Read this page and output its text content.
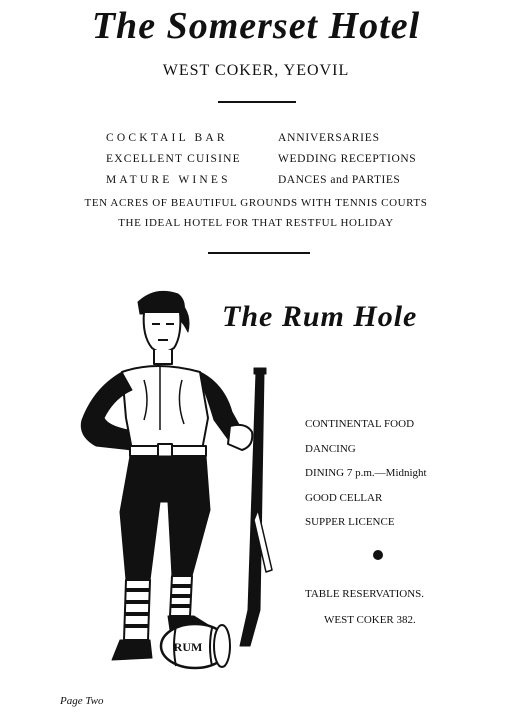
The Somerset Hotel
WEST COKER, YEOVIL
COCKTAIL BAR
EXCELLENT CUISINE
MATURE WINES
ANNIVERSARIES
WEDDING RECEPTIONS
DANCES and PARTIES
TEN ACRES OF BEAUTIFUL GROUNDS WITH TENNIS COURTS
THE IDEAL HOTEL FOR THAT RESTFUL HOLIDAY
RUM
The Rum Hole
CONTINENTAL FOOD
DANCING
DINING 7 p.m.—Midnight
GOOD CELLAR
SUPPER LICENCE
TABLE RESERVATIONS.
WEST COKER 382.
Page Two
